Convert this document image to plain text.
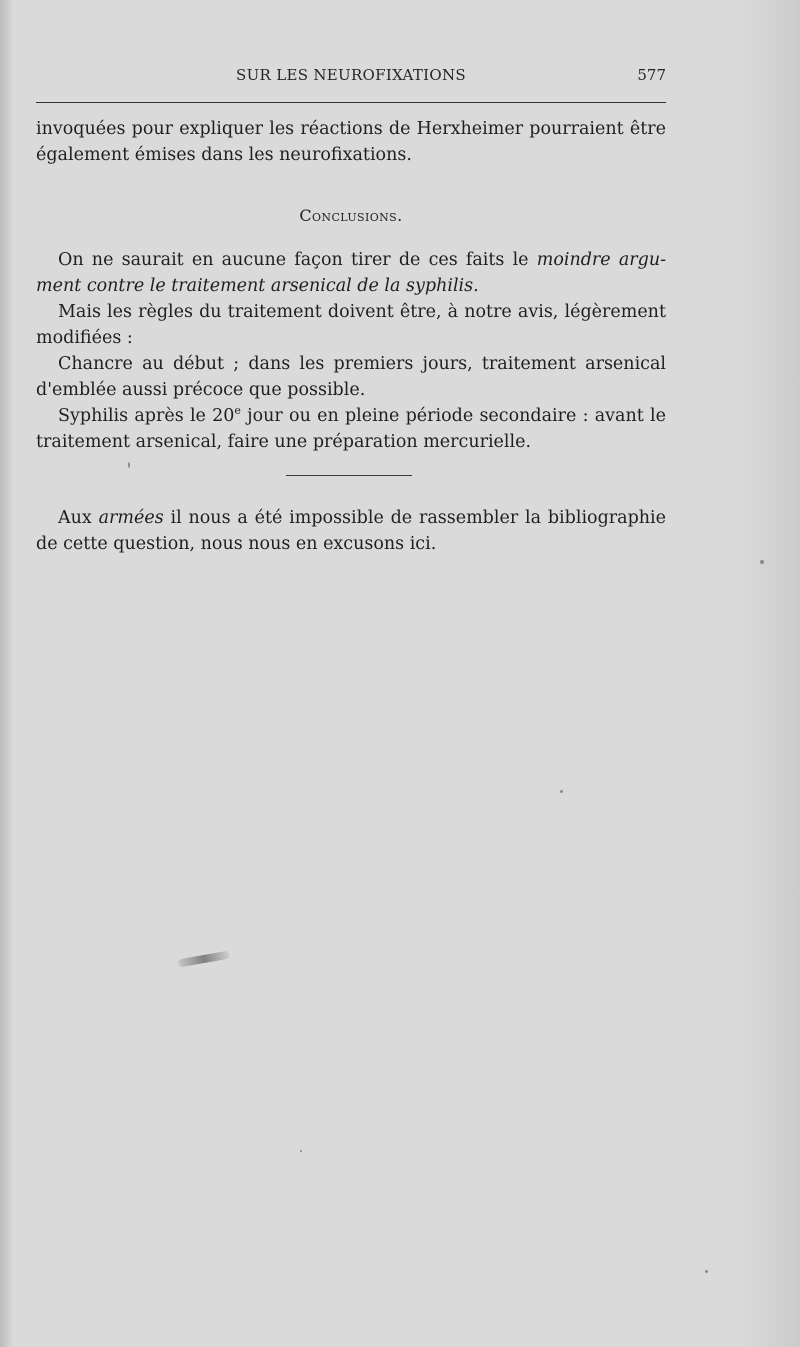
SUR LES NEUROFIXATIONS	577
invoquées pour expliquer les réactions de Herxheimer pourraient être
également émises dans les neurofixations.
Conclusions.

On ne saurait en aucune façon tirer de ces faits le moindre argu- ment contre le traitement arsenical de la syphilis.

Mais les règles du traitement doivent être, à notre avis, légèrement modifiées :

Chancre au début ; dans les premiers jours, traitement arsenical d'emblée aussi précoce que possible.

Syphilis après le 20e jour ou en pleine période secondaire : avant le traitement arsenical, faire une préparation mercurielle.

Aux armées il nous a été impossible de rassembler la bibliographie de cette question, nous nous en excusons ici.
